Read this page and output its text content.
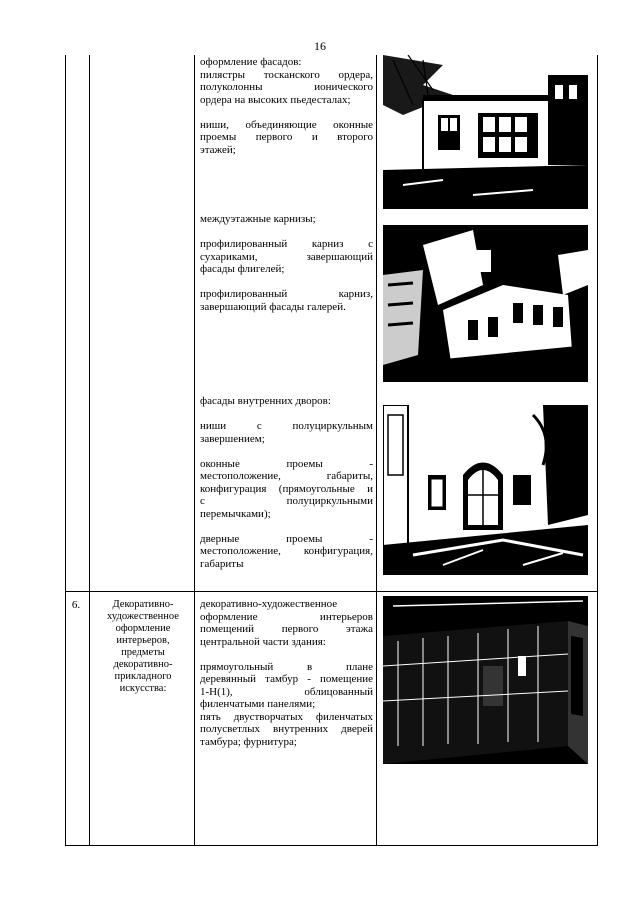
16

оформление фасадов:

пилястры тосканского ордера,

полуколонны ионического

ордера на высоких пьедесталах;

ниши, объединяющие оконные

проемы первого и второго

этажей;

междуэтажные карнизы;

профилированный карниз с

сухариками, завершающий

фасады флигелей;

профилированный карниз,

завершающий фасады галерей.

фасады внутренних дворов:

ниши с полуциркульным

завершением;

оконные проемы -

местоположение, габариты,

конфигурация (прямоугольные и

с полуциркульными

перемычками);

дверные проемы -

местоположение, конфигурация,

габариты

6.	Декоративно-
художественное
оформление
интерьеров,
предметы
декоративно-
прикладного
искусства:

декоративно-художественное

оформление интерьеров

помещений первого этажа

центральной части здания:

прямоугольный в плане

деревянный тамбур - помещение

1-Н(1), облицованный

филенчатыми панелями;

пять двустворчатых филенчатых

полусветлых внутренних дверей

тамбура; фурнитура;
